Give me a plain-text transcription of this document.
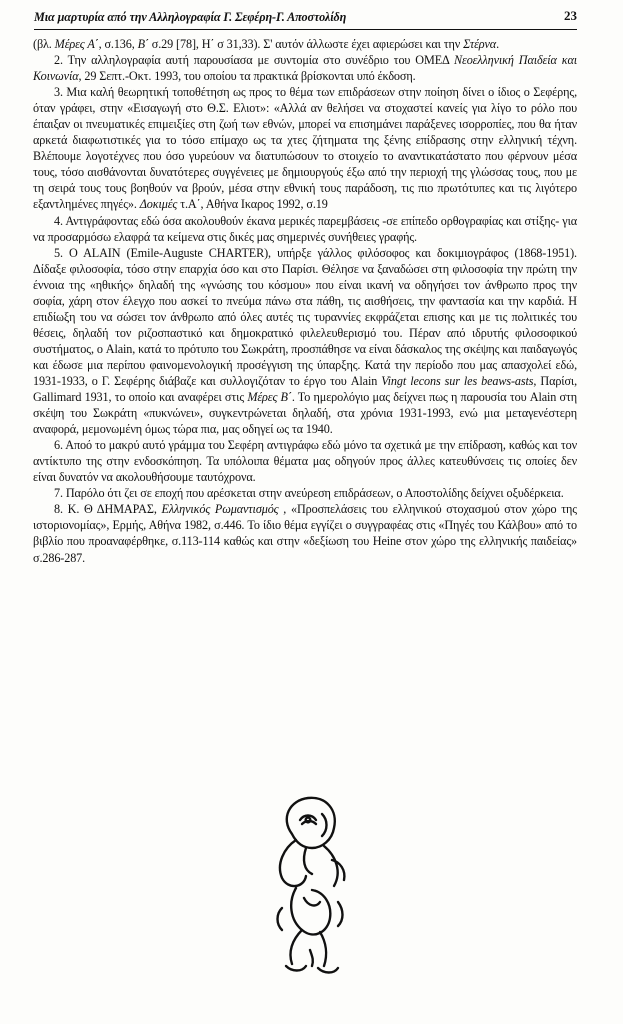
Μια μαρτυρία από την Αλληλογραφία Γ. Σεφέρη-Γ. Αποστολίδη	23

(βλ. Μέρες Α΄, σ.136, Β΄ σ.29 [78], Η΄ σ 31,33). Σ' αυτόν άλλωστε έχει αφιερώσει και την Στέρνα.

2. Την αλληλογραφία αυτή παρουσίασα με συντομία στο συνέδριο του ΟΜΕΔ Νεοελληνική Παιδεία και Κοινωνία, 29 Σεπτ.-Οκτ. 1993, του οποίου τα πρακτικά βρίσκονται υπό έκδοση.

3. Μια καλή θεωρητική τοποθέτηση ως προς το θέμα των επιδράσεων στην ποίηση δίνει ο ίδιος ο Σεφέρης, όταν γράφει, στην «Εισαγωγή στο Θ.Σ. Ελιοτ»: «Αλλά αν θελήσει να στοχαστεί κανείς για λίγο το ρόλο που έπαιξαν οι πνευματικές επιμειξίες στη ζωή των εθνών, μπορεί να επισημάνει παράξενες ισορροπίες, που θα ήταν αρκετά διαφωτιστικές για το τόσο επίμαχο ως τα χτες ζήτηματα της ξένης επίδρασης στην ελληνική τέχνη. Βλέπουμε λογοτέχνες που όσο γυρεύουν να διατυπώσουν το στοιχείο το αναντικατάστατο που φέρνουν μέσα τους, τόσο αισθάνονται δυνατότερες συγγένειες με δημιουργούς έξω από την περιοχή της γλώσσας τους, που με τη σειρά τους τους βοηθούν να βρούν, μέσα στην εθνική τους παράδοση, τις πιο πρωτότυπες και τις λιγότερο εξαντλημένες πηγές». Δοκιμές τ.Α΄, Αθήνα Ικαρος 1992, σ.19

4. Αντιγράφοντας εδώ όσα ακολουθούν έκανα μερικές παρεμβάσεις -σε επίπεδο ορθογραφίας και στίξης- για να προσαρμόσω ελαφρά τα κείμενα στις δικές μας σημερινές συνήθειες γραφής.

5. O ALAIN (Emile-Auguste CHARTER), υπήρξε γάλλος φιλόσοφος και δοκιμιογράφος (1868-1951). Δίδαξε φιλοσοφία, τόσο στην επαρχία όσο και στο Παρίσι. Θέλησε να ξαναδώσει στη φιλοσοφία την πρώτη την έννοια της «ηθικής» δηλαδή της «γνώσης του κόσμου» που είναι ικανή να οδηγήσει τον άνθρωπο προς την σοφία, χάρη στον έλεγχο που ασκεί το πνεύμα πάνω στα πάθη, τις αισθήσεις, την φαντασία και την καρδιά. Η επιδίωξη του να σώσει τον άνθρωπο από όλες αυτές τις τυραννίες εκφράζεται επισης και με τις πολιτικές του θέσεις, δηλαδή τον ριζοσπαστικό και δημοκρατικό φιλελευθερισμό του. Πέραν από ιδρυτής φιλοσοφικού συστήματος, ο Alain, κατά το πρότυπο του Σωκράτη, προσπάθησε να είναι δάσκαλος της σκέψης και παιδαγωγός και έδωσε μια περίπου φαινομενολογική προσέγγιση της ύπαρξης. Κατά την περίοδο που μας απασχολεί εδώ, 1931-1933, ο Γ. Σεφέρης διάβαζε και συλλογιζόταν το έργο του Alain Vingt lecons sur les beaws-asts, Παρίσι, Gallimard 1931, το οποίο και αναφέρει στις Μέρες Β΄. Το ημερολόγιο μας δείχνει πως η παρουσία του Alain στη σκέψη του Σωκράτη «πυκνώνει», συγκεντρώνεται δηλαδή, στα χρόνια 1931-1993, ενώ μια μεταγενέστερη αναφορά, μεμονωμένη όμως τώρα πια, μας οδηγεί ως τα 1940.

6. Αποό το μακρύ αυτό γράμμα του Σεφέρη αντιγράφω εδώ μόνο τα σχετικά με την επίδραση, καθώς και τον αντίκτυπο της στην ενδοσκόπηση. Τα υπόλοιπα θέματα μας οδηγούν προς άλλες κατευθύνσεις τις οποίες δεν είναι δυνατόν να ακολουθήσουμε ταυτόχρονα.

7. Παρόλο ότι ζει σε εποχή που αρέσκεται στην ανεύρεση επιδράσεων, ο Αποστολίδης δείχνει οξυδέρκεια.

8. Κ. Θ ΔΗΜΑΡΑΣ, Ελληνικός Ρωμαντισμός , «Προσπελάσεις του ελληνικού στοχασμού στον χώρο της ιστοριονομίας», Ερμής, Αθήνα 1982, σ.446. Το ίδιο θέμα εγγίζει ο συγγραφέας στις «Πηγές του Κάλβου» από το βιβλίο που προαναφέρθηκε, σ.113-114 καθώς και στην «δεξίωση του Heine στον χώρο της ελληνικής παιδείας» σ.286-287.
